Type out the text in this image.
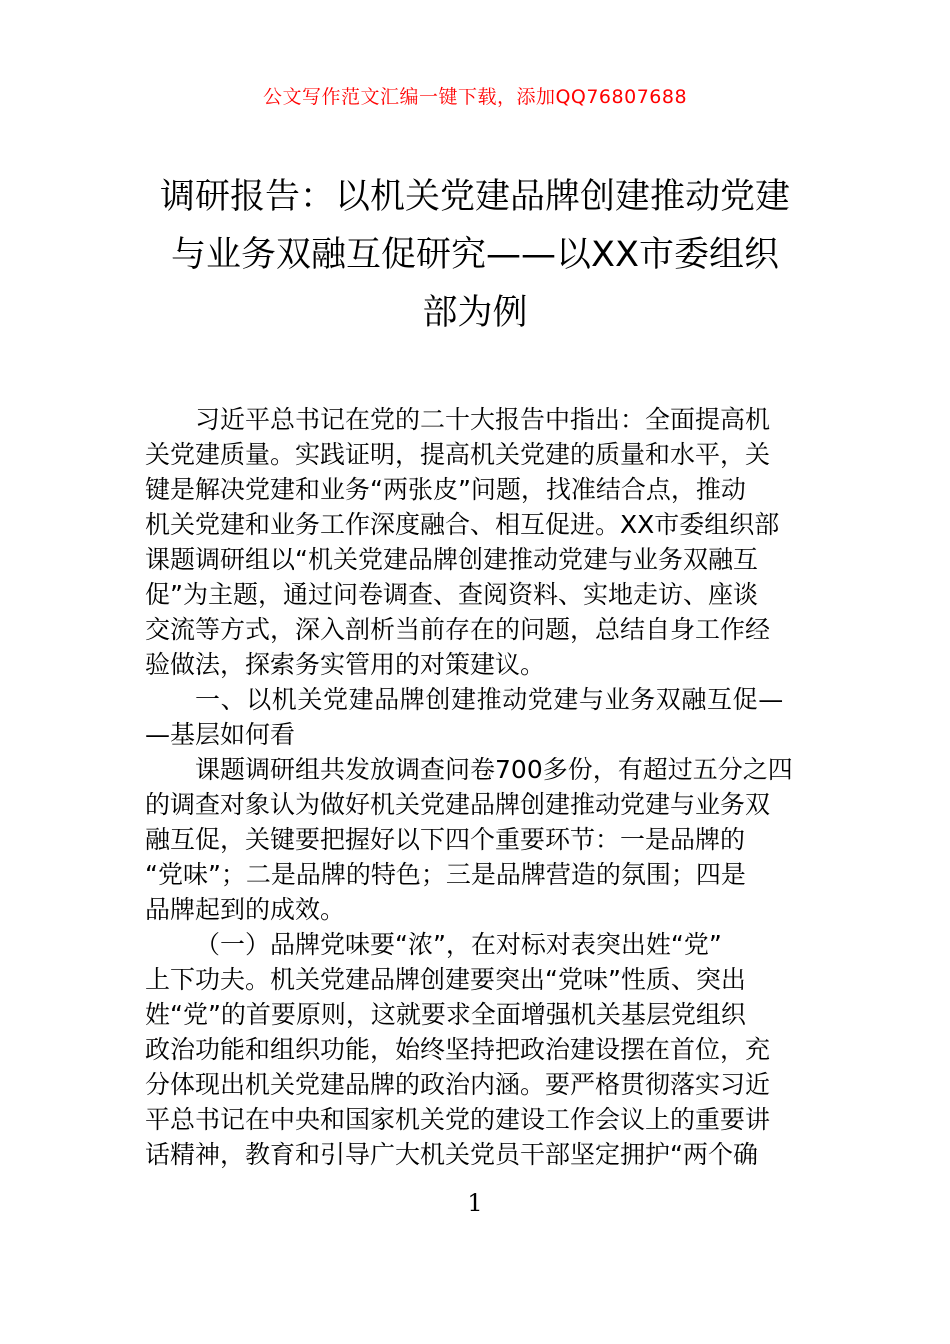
公文写作范文汇编一键下载，添加QQ76807688
调研报告：以机关党建品牌创建推动党建
与业务双融互促研究——以XX市委组织
部为例

习近平总书记在党的二十大报告中指出：全面提高机
关党建质量。实践证明，提高机关党建的质量和水平，关
键是解决党建和业务“两张皮”问题，找准结合点，推动
机关党建和业务工作深度融合、相互促进。XX市委组织部
课题调研组以“机关党建品牌创建推动党建与业务双融互
促”为主题，通过问卷调查、查阅资料、实地走访、座谈
交流等方式，深入剖析当前存在的问题，总结自身工作经
验做法，探索务实管用的对策建议。

一、以机关党建品牌创建推动党建与业务双融互促—
—基层如何看

课题调研组共发放调查问卷700多份，有超过五分之四
的调查对象认为做好机关党建品牌创建推动党建与业务双
融互促，关键要把握好以下四个重要环节：一是品牌的
“党味”；二是品牌的特色；三是品牌营造的氛围；四是
品牌起到的成效。

（一）品牌党味要“浓”，在对标对表突出姓“党”
上下功夫。机关党建品牌创建要突出“党味”性质、突出
姓“党”的首要原则，这就要求全面增强机关基层党组织
政治功能和组织功能，始终坚持把政治建设摆在首位，充
分体现出机关党建品牌的政治内涵。要严格贯彻落实习近
平总书记在中央和国家机关党的建设工作会议上的重要讲
话精神，教育和引导广大机关党员干部坚定拥护“两个确

1
